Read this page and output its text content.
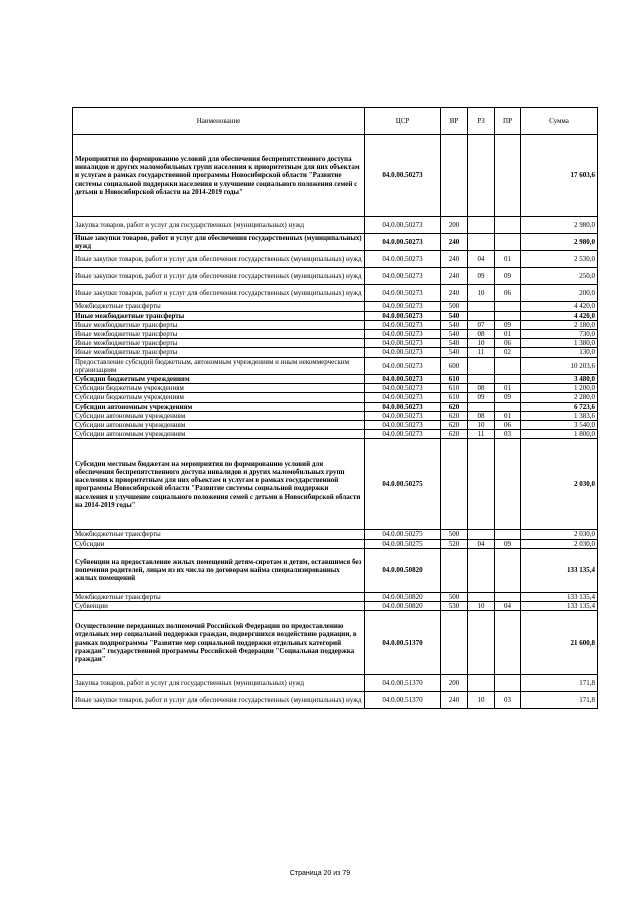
Наименование	ЦСР	ВР	РЗ	ПР	Сумма
Мероприятия по формированию условий для обеспечения беспрепятственного доступа инвалидов и других маломобильных групп населения к приоритетным для них объектам и услугам в рамках государственной программы Новосибирской области "Развитие системы социальной поддержки населения и улучшение социального положения семей с детьми в Новосибирской области на 2014-2019 годы"	04.0.00.50273				17 603,6
Закупка товаров, работ и услуг для государственных (муниципальных) нужд	04.0.00.50273	200			2 980,0
Иные закупки товаров, работ и услуг для обеспечения государственных (муниципальных) нужд	04.0.00.50273	240			2 980,0
Иные закупки товаров, работ и услуг для обеспечения государственных (муниципальных) нужд	04.0.00.50273	240	04	01	2 530,0
Иные закупки товаров, работ и услуг для обеспечения государственных (муниципальных) нужд	04.0.00.50273	240	09	09	250,0
Иные закупки товаров, работ и услуг для обеспечения государственных (муниципальных) нужд	04.0.00.50273	240	10	06	200,0
Межбюджетные трансферты	04.0.00.50273	500			4 420,0
Иные межбюджетные трансферты	04.0.00.50273	540			4 420,0
Иные межбюджетные трансферты	04.0.00.50273	540	07	09	2 180,0
Иные межбюджетные трансферты	04.0.00.50273	540	08	01	730,0
Иные межбюджетные трансферты	04.0.00.50273	540	10	06	1 380,0
Иные межбюджетные трансферты	04.0.00.50273	540	11	02	130,0
Предоставление субсидий бюджетным, автономным учреждениям и иным некоммерческим организациям	04.0.00.50273	600			10 203,6
Субсидии бюджетным учреждениям	04.0.00.50273	610			3 480,0
Субсидии бюджетным учреждениям	04.0.00.50273	610	08	01	1 200,0
Субсидии бюджетным учреждениям	04.0.00.50273	610	09	09	2 280,0
Субсидии автономным учреждениям	04.0.00.50273	620			6 723,6
Субсидии автономным учреждениям	04.0.00.50273	620	08	01	1 383,6
Субсидии автономным учреждениям	04.0.00.50273	620	10	06	3 540,0
Субсидии автономным учреждениям	04.0.00.50273	620	11	03	1 800,0
Субсидии местным бюджетам на мероприятия по формированию условий для обеспечения беспрепятственного доступа инвалидов и других маломобильных групп населения к приоритетным для них объектам и услугам в рамках государственной программы Новосибирской области "Развитие системы социальной поддержки населения и улучшение социального положения семей с детьми в Новосибирской области на 2014-2019 годы"	04.0.00.50275				2 030,0
Межбюджетные трансферты	04.0.00.50275	500			2 030,0
Субсидии	04.0.00.50275	520	04	09	2 030,0
Субвенции на предоставление жилых помещений детям-сиротам и детям, оставшимся без попечения родителей, лицам из их числа по договорам найма специализированных жилых помещений	04.0.00.50820				133 135,4
Межбюджетные трансферты	04.0.00.50820	500			133 135,4
Субвенции	04.0.00.50820	530	10	04	133 135,4
Осуществление переданных полномочий Российской Федерации по предоставлению отдельных мер социальной поддержки граждан, подвергшихся воздействию радиации, в рамках подпрограммы "Развитие мер социальной поддержки отдельных категорий граждан" государственной программы Российской Федерации "Социальная поддержка граждан"	04.0.00.51370				21 600,8
Закупка товаров, работ и услуг для государственных (муниципальных) нужд	04.0.00.51370	200			171,8
Иные закупки товаров, работ и услуг для обеспечения государственных (муниципальных) нужд	04.0.00.51370	240	10	03	171,8
Страница 20 из 79
